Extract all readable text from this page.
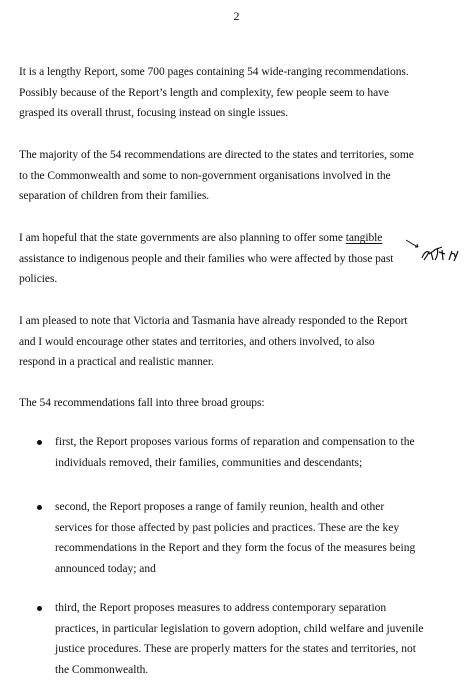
2
It is a lengthy Report, some 700 pages containing 54 wide-ranging recommendations.
Possibly because of the Report’s length and complexity, few people seem to have
grasped its overall thrust, focusing instead on single issues.
The majority of the 54 recommendations are directed to the states and territories, some
to the Commonwealth and some to non-government organisations involved in the
separation of children from their families.
I am hopeful that the state governments are also planning to offer some tangible
assistance to indigenous people and their families who were affected by those past
policies.
I am pleased to note that Victoria and Tasmania have already responded to the Report
and I would encourage other states and territories, and others involved, to also
respond in a practical and realistic manner.
The 54 recommendations fall into three broad groups:
first, the Report proposes various forms of reparation and compensation to the
individuals removed, their families, communities and descendants;
second, the Report proposes a range of family reunion, health and other
services for those affected by past policies and practices. These are the key
recommendations in the Report and they form the focus of the measures being
announced today; and
third, the Report proposes measures to address contemporary separation
practices, in particular legislation to govern adoption, child welfare and juvenile
justice procedures. These are properly matters for the states and territories, not
the Commonwealth.
